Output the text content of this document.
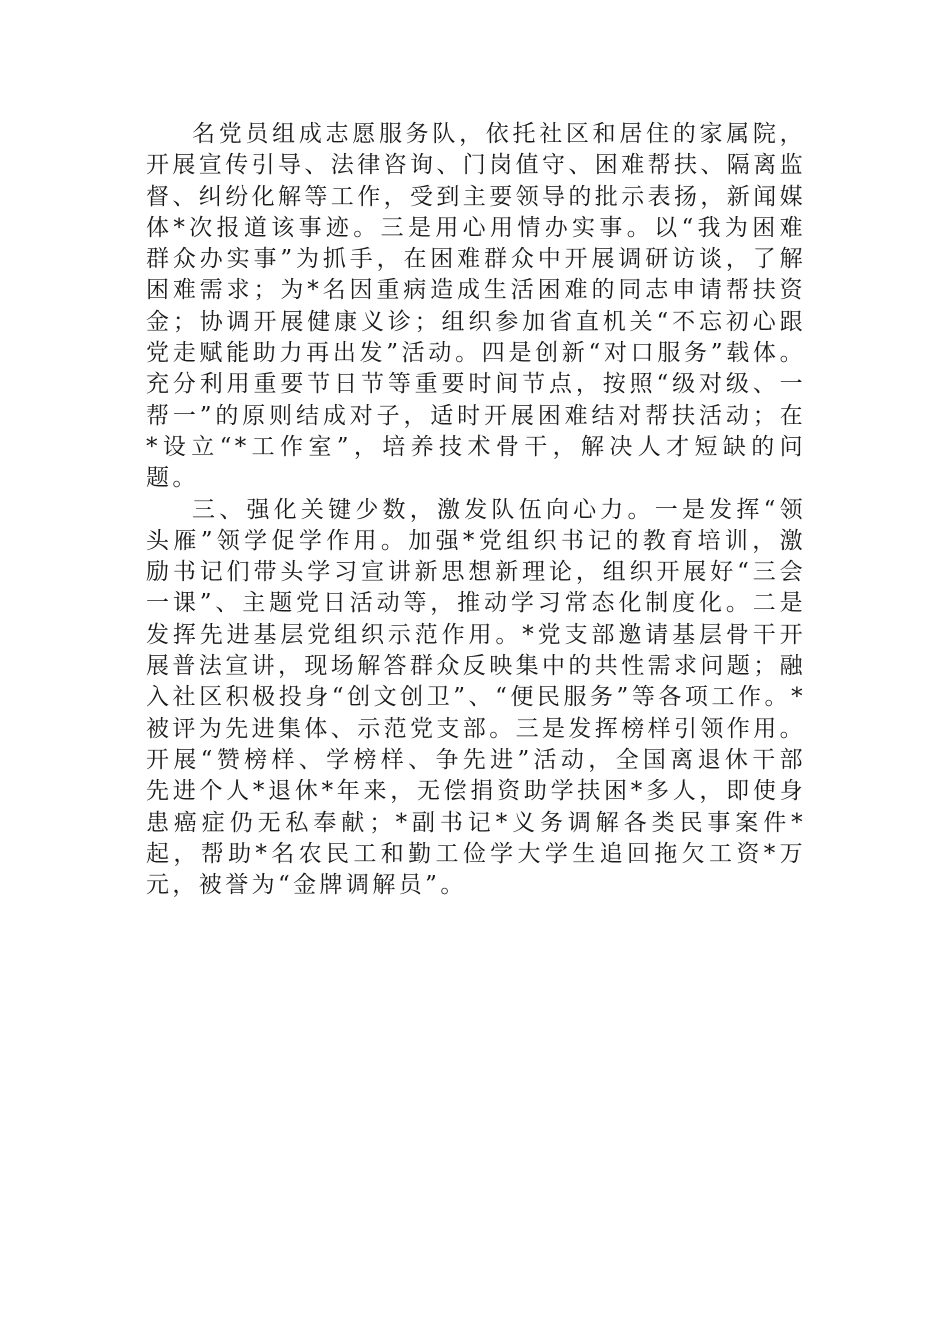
名党员组成志愿服务队，依托社区和居住的家属院，开展宣传引导、法律咨询、门岗值守、困难帮扶、隔离监督、纠纷化解等工作，受到主要领导的批示表扬，新闻媒体*次报道该事迹。三是用心用情办实事。以“我为困难群众办实事”为抓手，在困难群众中开展调研访谈，了解困难需求；为*名因重病造成生活困难的同志申请帮扶资金；协调开展健康义诊；组织参加省直机关“不忘初心跟党走赋能助力再出发”活动。四是创新“对口服务”载体。充分利用重要节日节等重要时间节点，按照“级对级、一帮一”的原则结成对子，适时开展困难结对帮扶活动；在*设立“*工作室”，培养技术骨干，解决人才短缺的问题。

三、强化关键少数，激发队伍向心力。一是发挥“领头雁”领学促学作用。加强*党组织书记的教育培训，激励书记们带头学习宣讲新思想新理论，组织开展好“三会一课”、主题党日活动等，推动学习常态化制度化。二是发挥先进基层党组织示范作用。*党支部邀请基层骨干开展普法宣讲，现场解答群众反映集中的共性需求问题；融入社区积极投身“创文创卫”、“便民服务”等各项工作。*被评为先进集体、示范党支部。三是发挥榜样引领作用。开展“赞榜样、学榜样、争先进”活动，全国离退休干部先进个人*退休*年来，无偿捐资助学扶困*多人，即使身患癌症仍无私奉献；*副书记*义务调解各类民事案件*起，帮助*名农民工和勤工俭学大学生追回拖欠工资*万元，被誉为“金牌调解员”。
